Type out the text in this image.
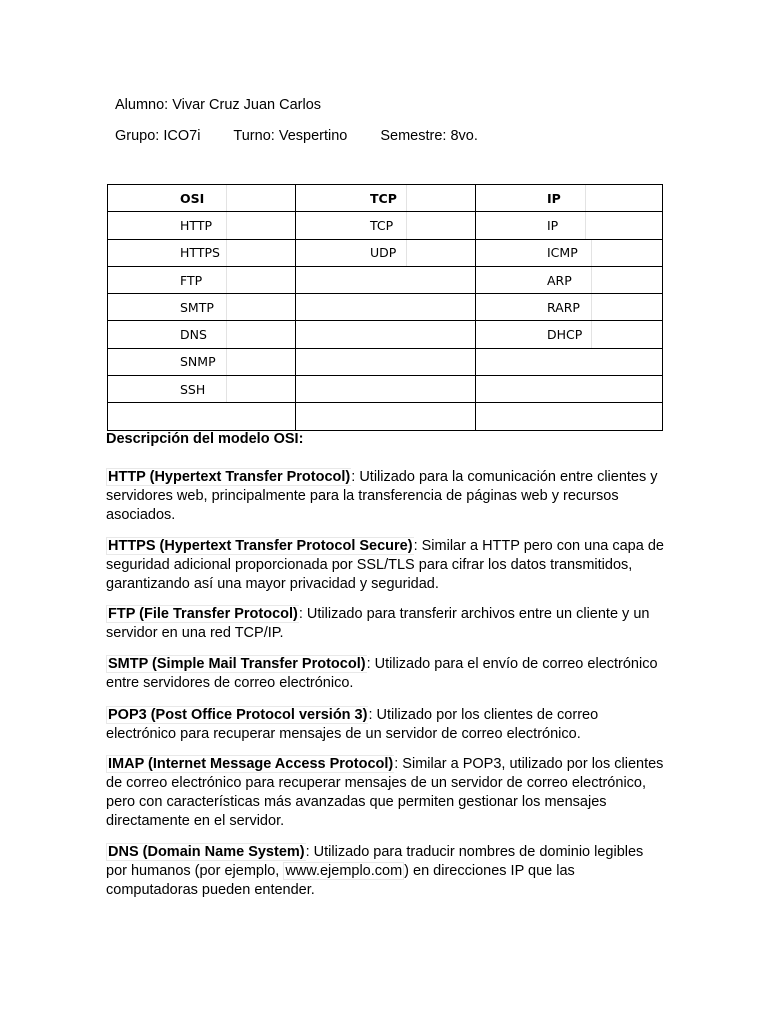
Alumno: Vivar Cruz Juan Carlos
Grupo: ICO7i Turno: Vespertino Semestre: 8vo.
OSI	TCP	IP

HTTP	TCP	IP

HTTPS	UDP	ICMP

FTP		ARP

SMTP		RARP

DNS		DHCP

SNMP		

SSH		

Descripción del modelo OSI:
HTTP (Hypertext Transfer Protocol): Utilizado para la comunicación entre clientes y servidores web, principalmente para la transferencia de páginas web y recursos asociados.
HTTPS (Hypertext Transfer Protocol Secure): Similar a HTTP pero con una capa de seguridad adicional proporcionada por SSL/TLS para cifrar los datos transmitidos, garantizando así una mayor privacidad y seguridad.
FTP (File Transfer Protocol): Utilizado para transferir archivos entre un cliente y un servidor en una red TCP/IP.
SMTP (Simple Mail Transfer Protocol): Utilizado para el envío de correo electrónico entre servidores de correo electrónico.
POP3 (Post Office Protocol versión 3): Utilizado por los clientes de correo electrónico para recuperar mensajes de un servidor de correo electrónico.
IMAP (Internet Message Access Protocol): Similar a POP3, utilizado por los clientes de correo electrónico para recuperar mensajes de un servidor de correo electrónico, pero con características más avanzadas que permiten gestionar los mensajes directamente en el servidor.
DNS (Domain Name System): Utilizado para traducir nombres de dominio legibles por humanos (por ejemplo, www.ejemplo.com ) en direcciones IP que las computadoras pueden entender.
